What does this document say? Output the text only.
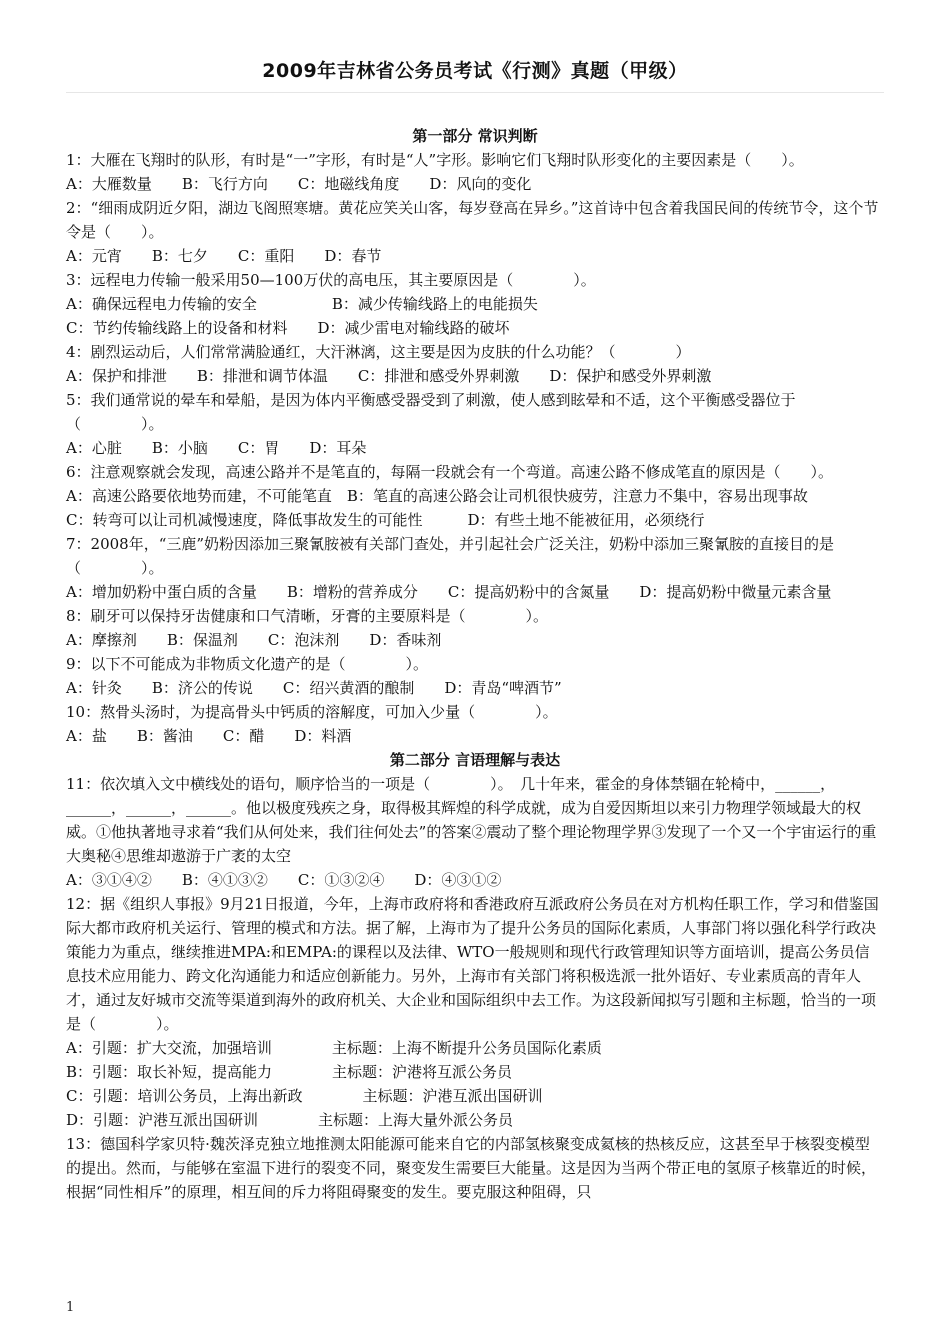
2009年吉林省公务员考试《行测》真题（甲级）

第一部分 常识判断

1：大雁在飞翔时的队形，有时是“一”字形，有时是“人”字形。影响它们飞翔时队形变化的主要因素是（　　）。

A：大雁数量　　B：飞行方向　　C：地磁线角度　　D：风向的变化

2：“细雨成阴近夕阳，湖边飞阁照寒塘。黄花应笑关山客，每岁登高在异乡。”这首诗中包含着我国民间的传统节令，这个节令是（　　）。

A：元宵　　B：七夕　　C：重阳　　D：春节

3：远程电力传输一般采用50—100万伏的高电压，其主要原因是（　　　　）。

A：确保远程电力传输的安全　　　　　B：减少传输线路上的电能损失

C：节约传输线路上的设备和材料　　D：减少雷电对输线路的破坏

4：剧烈运动后，人们常常满脸通红，大汗淋漓，这主要是因为皮肤的什么功能？（　　　　）

A：保护和排泄　　B：排泄和调节体温　　C：排泄和感受外界刺激　　D：保护和感受外界刺激

5：我们通常说的晕车和晕船，是因为体内平衡感受器受到了刺激，使人感到眩晕和不适，这个平衡感受器位于（　　　　）。

A：心脏　　B：小脑　　C：胃　　D：耳朵

6：注意观察就会发现，高速公路并不是笔直的，每隔一段就会有一个弯道。高速公路不修成笔直的原因是（　　）。

A：高速公路要依地势而建，不可能笔直　B：笔直的高速公路会让司机很快疲劳，注意力不集中，容易出现事故

C：转弯可以让司机减慢速度，降低事故发生的可能性　　　D：有些土地不能被征用，必须绕行

7：2008年，“三鹿”奶粉因添加三聚氰胺被有关部门查处，并引起社会广泛关注，奶粉中添加三聚氰胺的直接目的是（　　　　）。

A：增加奶粉中蛋白质的含量　　B：增粉的营养成分　　C：提高奶粉中的含氮量　　D：提高奶粉中微量元素含量

8：刷牙可以保持牙齿健康和口气清晰，牙膏的主要原料是（　　　　）。

A：摩擦剂　　B：保温剂　　C：泡沫剂　　D：香味剂

9：以下不可能成为非物质文化遗产的是（　　　　）。

A：针灸　　B：济公的传说　　C：绍兴黄酒的酿制　　D：青岛“啤酒节”

10：熬骨头汤时，为提高骨头中钙质的溶解度，可加入少量（　　　　）。

A：盐　　B：酱油　　C：醋　　D：料酒

第二部分 言语理解与表达

11：依次填入文中横线处的语句，顺序恰当的一项是（　　　　）。　几十年来，霍金的身体禁锢在轮椅中，______，______，______，______。他以极度残疾之身，取得极其辉煌的科学成就，成为自爱因斯坦以来引力物理学领域最大的权威。①他执著地寻求着“我们从何处来，我们往何处去”的答案②震动了整个理论物理学界③发现了一个又一个宇宙运行的重大奥秘④思维却遨游于广袤的太空

A：③①④②　　B：④①③②　　C：①③②④　　D：④③①②

12：据《组织人事报》9月21日报道，今年，上海市政府将和香港政府互派政府公务员在对方机构任职工作，学习和借鉴国际大都市政府机关运行、管理的模式和方法。据了解，上海市为了提升公务员的国际化素质，人事部门将以强化科学行政决策能力为重点，继续推进MPA:和EMPA:的课程以及法律、WTO一般规则和现代行政管理知识等方面培训，提高公务员信息技术应用能力、跨文化沟通能力和适应创新能力。另外，上海市有关部门将积极选派一批外语好、专业素质高的青年人才，通过友好城市交流等渠道到海外的政府机关、大企业和国际组织中去工作。为这段新闻拟写引题和主标题，恰当的一项是（　　　　）。

A：引题：扩大交流，加强培训　　　　主标题：上海不断提升公务员国际化素质

B：引题：取长补短，提高能力　　　　主标题：沪港将互派公务员

C：引题：培训公务员，上海出新政　　　　主标题：沪港互派出国研训

D：引题：沪港互派出国研训　　　　主标题：上海大量外派公务员

13：德国科学家贝特·魏茨泽克独立地推测太阳能源可能来自它的内部氢核聚变成氦核的热核反应，这甚至早于核裂变模型的提出。然而，与能够在室温下进行的裂变不同，聚变发生需要巨大能量。这是因为当两个带正电的氢原子核靠近的时候，根据“同性相斥”的原理，相互间的斥力将阻碍聚变的发生。要克服这种阻碍，只

1
